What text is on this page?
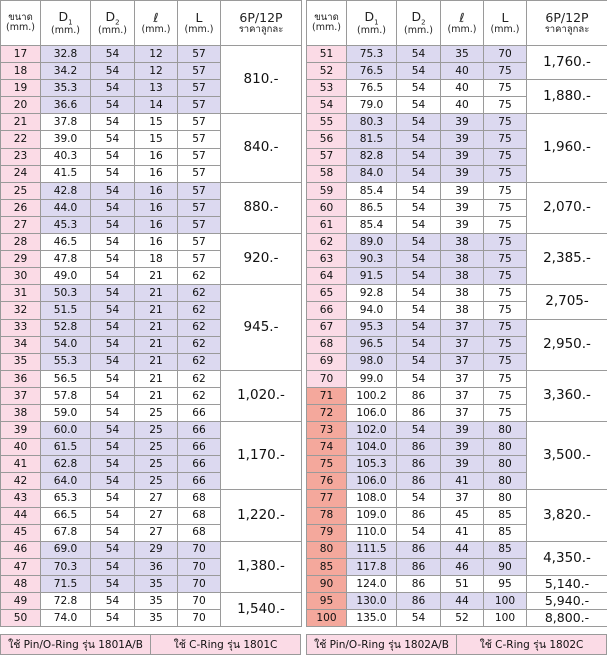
ขนาด
(mm.)	$D_1$
(mm.)	$D_2$
(mm.)	ℓ
(mm.)	L
(mm.)	6P/12P
ราคาลูกละ

17	32.8	54	12	57	810.-
18	34.2	54	12	57	
19	35.3	54	13	57	
20	36.6	54	14	57	
21	37.8	54	15	57	840.-
22	39.0	54	15	57	
23	40.3	54	16	57	
24	41.5	54	16	57	
25	42.8	54	16	57	880.-
26	44.0	54	16	57	
27	45.3	54	16	57	
28	46.5	54	16	57	920.-
29	47.8	54	18	57	
30	49.0	54	21	62	
31	50.3	54	21	62	945.-
32	51.5	54	21	62	
33	52.8	54	21	62	
34	54.0	54	21	62	
35	55.3	54	21	62	
36	56.5	54	21	62	1,020.-
37	57.8	54	21	62	
38	59.0	54	25	66	
39	60.0	54	25	66	1,170.-
40	61.5	54	25	66	
41	62.8	54	25	66	
42	64.0	54	25	66	
43	65.3	54	27	68	1,220.-
44	66.5	54	27	68	
45	67.8	54	27	68	
46	69.0	54	29	70	1,380.-
47	70.3	54	36	70	
48	71.5	54	35	70	
49	72.8	54	35	70	1,540.-
50	74.0	54	35	70	
ขนาด
(mm.)	$D_1$
(mm.)	$D_2$
(mm.)	ℓ
(mm.)	L
(mm.)	6P/12P
ราคาลูกละ

51	75.3	54	35	70	1,760.-
52	76.5	54	40	75	
53	76.5	54	40	75	1,880.-
54	79.0	54	40	75	
55	80.3	54	39	75	1,960.-
56	81.5	54	39	75	
57	82.8	54	39	75	
58	84.0	54	39	75	
59	85.4	54	39	75	2,070.-
60	86.5	54	39	75	
61	85.4	54	39	75	
62	89.0	54	38	75	2,385.-
63	90.3	54	38	75	
64	91.5	54	38	75	
65	92.8	54	38	75	2,705-
66	94.0	54	38	75	
67	95.3	54	37	75	2,950.-
68	96.5	54	37	75	
69	98.0	54	37	75	
70	99.0	54	37	75	3,360.-
71	100.2	86	37	75	
72	106.0	86	37	75	
73	102.0	54	39	80	3,500.-
74	104.0	86	39	80	
75	105.3	86	39	80	
76	106.0	86	41	80	
77	108.0	54	37	80	3,820.-
78	109.0	86	45	85	
79	110.0	54	41	85	
80	111.5	86	44	85	4,350.-
85	117.8	86	46	90	
90	124.0	86	51	95	5,140.-
95	130.0	86	44	100	5,940.-
100	135.0	54	52	100	8,800.-
ใช้ Pin/O-Ring รุ่น 1801A/B	ใช้ C-Ring รุ่น 1801C	ใช้ Pin/O-Ring รุ่น 1802A/B	ใช้ C-Ring รุ่น 1802C
